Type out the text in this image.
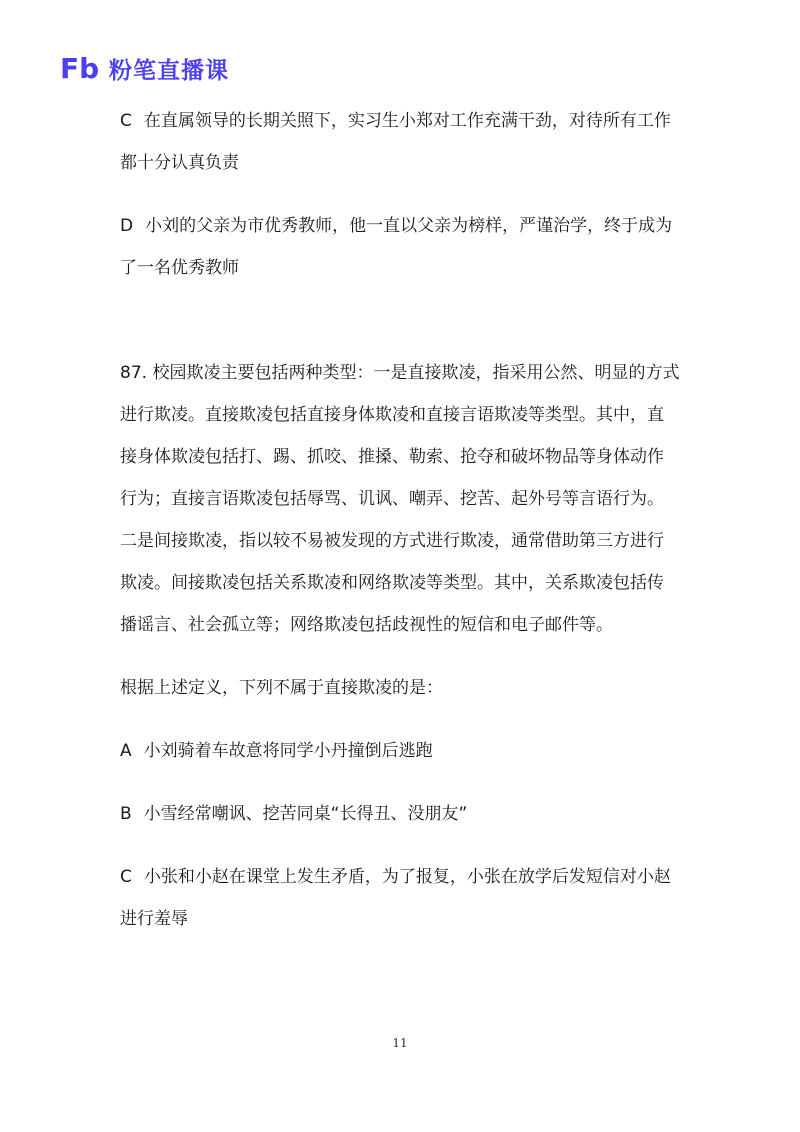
Fb 粉笔直播课

C 在直属领导的长期关照下，实习生小郑对工作充满干劲，对待所有工作都十分认真负责

D 小刘的父亲为市优秀教师，他一直以父亲为榜样，严谨治学，终于成为了一名优秀教师

87. 校园欺凌主要包括两种类型：一是直接欺凌，指采用公然、明显的方式进行欺凌。直接欺凌包括直接身体欺凌和直接言语欺凌等类型。其中，直接身体欺凌包括打、踢、抓咬、推搡、勒索、抢夺和破坏物品等身体动作行为；直接言语欺凌包括辱骂、讥讽、嘲弄、挖苦、起外号等言语行为。二是间接欺凌，指以较不易被发现的方式进行欺凌，通常借助第三方进行欺凌。间接欺凌包括关系欺凌和网络欺凌等类型。其中，关系欺凌包括传播谣言、社会孤立等；网络欺凌包括歧视性的短信和电子邮件等。

根据上述定义，下列不属于直接欺凌的是：

A 小刘骑着车故意将同学小丹撞倒后逃跑

B 小雪经常嘲讽、挖苦同桌“长得丑、没朋友”

C 小张和小赵在课堂上发生矛盾，为了报复，小张在放学后发短信对小赵进行羞辱

11
